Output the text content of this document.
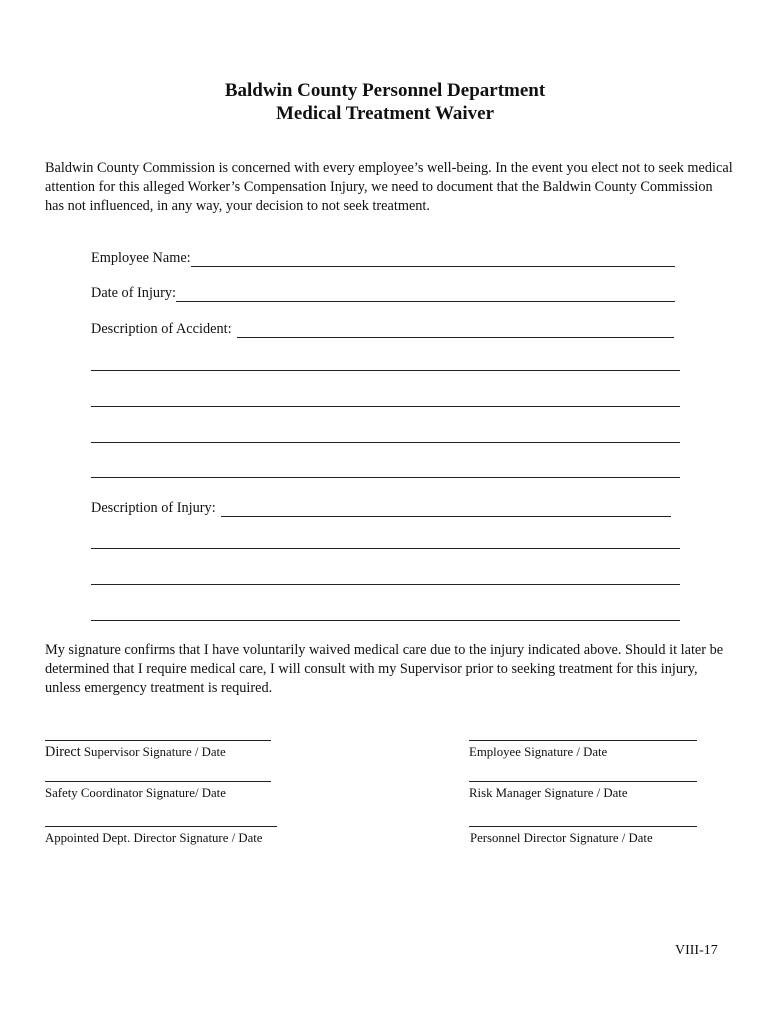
Baldwin County Personnel Department
Medical Treatment Waiver
Baldwin County Commission is concerned with every employee’s well-being. In the event you elect not to seek medical attention for this alleged Worker’s Compensation Injury, we need to document that the Baldwin County Commission has not influenced, in any way, your decision to not seek treatment.
Employee Name:
Date of Injury:
Description of Accident:
Description of Injury:
My signature confirms that I have voluntarily waived medical care due to the injury indicated above. Should it later be determined that I require medical care, I will consult with my Supervisor prior to seeking treatment for this injury, unless emergency treatment is required.
Direct Supervisor Signature / Date
Safety Coordinator Signature/ Date
Appointed Dept. Director Signature / Date
Employee Signature / Date
Risk Manager Signature / Date
Personnel Director Signature / Date
VIII-17
